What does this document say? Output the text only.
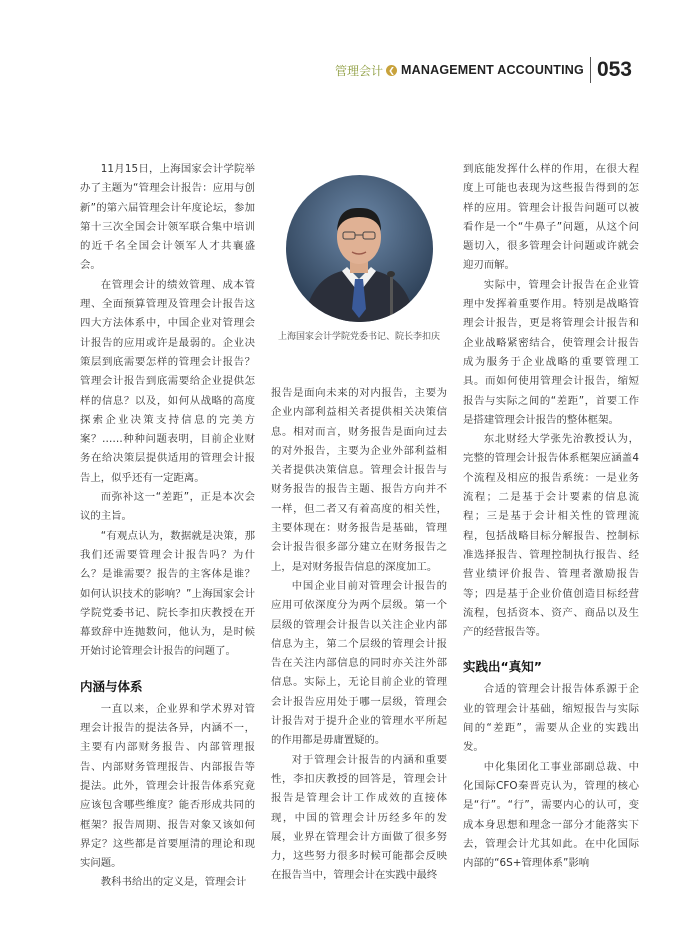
管理会计 ❮ MANAGEMENT ACCOUNTING 053

11月15日，上海国家会计学院举办了主题为“管理会计报告：应用与创新”的第六届管理会计年度论坛，参加第十三次全国会计领军联合集中培训的近千名全国会计领军人才共襄盛会。

在管理会计的绩效管理、成本管理、全面预算管理及管理会计报告这四大方法体系中，中国企业对管理会计报告的应用或许是最弱的。企业决策层到底需要怎样的管理会计报告？管理会计报告到底需要给企业提供怎样的信息？以及，如何从战略的高度探索企业决策支持信息的完美方案？……种种问题表明，目前企业财务在给决策层提供适用的管理会计报告上，似乎还有一定距离。

而弥补这一“差距”，正是本次会议的主旨。

“有观点认为，数据就是决策，那我们还需要管理会计报告吗？为什么？是谁需要？报告的主客体是谁？如何认识技术的影响？”上海国家会计学院党委书记、院长李扣庆教授在开幕致辞中连抛数问，他认为，是时候开始讨论管理会计报告的问题了。

内涵与体系

一直以来，企业界和学术界对管理会计报告的提法各异，内涵不一，主要有内部财务报告、内部管理报告、内部财务管理报告、内部报告等提法。此外，管理会计报告体系究竟应该包含哪些维度？能否形成共同的框架？报告周期、报告对象又该如何界定？这些都是首要厘清的理论和现实问题。

教科书给出的定义是，管理会计

上海国家会计学院党委书记、院长李扣庆

报告是面向未来的对内报告，主要为企业内部利益相关者提供相关决策信息。相对而言，财务报告是面向过去的对外报告，主要为企业外部利益相关者提供决策信息。管理会计报告与财务报告的报告主题、报告方向并不一样，但二者又有着高度的相关性，主要体现在：财务报告是基础，管理会计报告很多部分建立在财务报告之上，是对财务报告信息的深度加工。

中国企业目前对管理会计报告的应用可依深度分为两个层级。第一个层级的管理会计报告以关注企业内部信息为主，第二个层级的管理会计报告在关注内部信息的同时亦关注外部信息。实际上，无论目前企业的管理会计报告应用处于哪一层级，管理会计报告对于提升企业的管理水平所起的作用都是毋庸置疑的。

对于管理会计报告的内涵和重要性，李扣庆教授的回答是，管理会计报告是管理会计工作成效的直接体现，中国的管理会计历经多年的发展，业界在管理会计方面做了很多努力，这些努力很多时候可能都会反映在报告当中，管理会计在实践中最终

到底能发挥什么样的作用，在很大程度上可能也表现为这些报告得到的怎样的应用。管理会计报告问题可以被看作是一个“牛鼻子”问题，从这个问题切入，很多管理会计问题或许就会迎刃而解。

实际中，管理会计报告在企业管理中发挥着重要作用。特别是战略管理会计报告，更是将管理会计报告和企业战略紧密结合，使管理会计报告成为服务于企业战略的重要管理工具。而如何使用管理会计报告，缩短报告与实际之间的“差距”，首要工作是搭建管理会计报告的整体框架。

东北财经大学张先治教授认为，完整的管理会计报告体系框架应涵盖4个流程及相应的报告系统：一是业务流程；二是基于会计要素的信息流程；三是基于会计相关性的管理流程，包括战略目标分解报告、控制标准选择报告、管理控制执行报告、经营业绩评价报告、管理者激励报告等；四是基于企业价值创造目标经营流程，包括资本、资产、商品以及生产的经营报告等。

实践出“真知”

合适的管理会计报告体系源于企业的管理会计基础，缩短报告与实际间的“差距”，需要从企业的实践出发。

中化集团化工事业部副总裁、中化国际CFO秦晋克认为，管理的核心是“行”。“行”，需要内心的认可，变成本身思想和理念一部分才能落实下去，管理会计尤其如此。在中化国际内部的“6S+管理体系”影响
